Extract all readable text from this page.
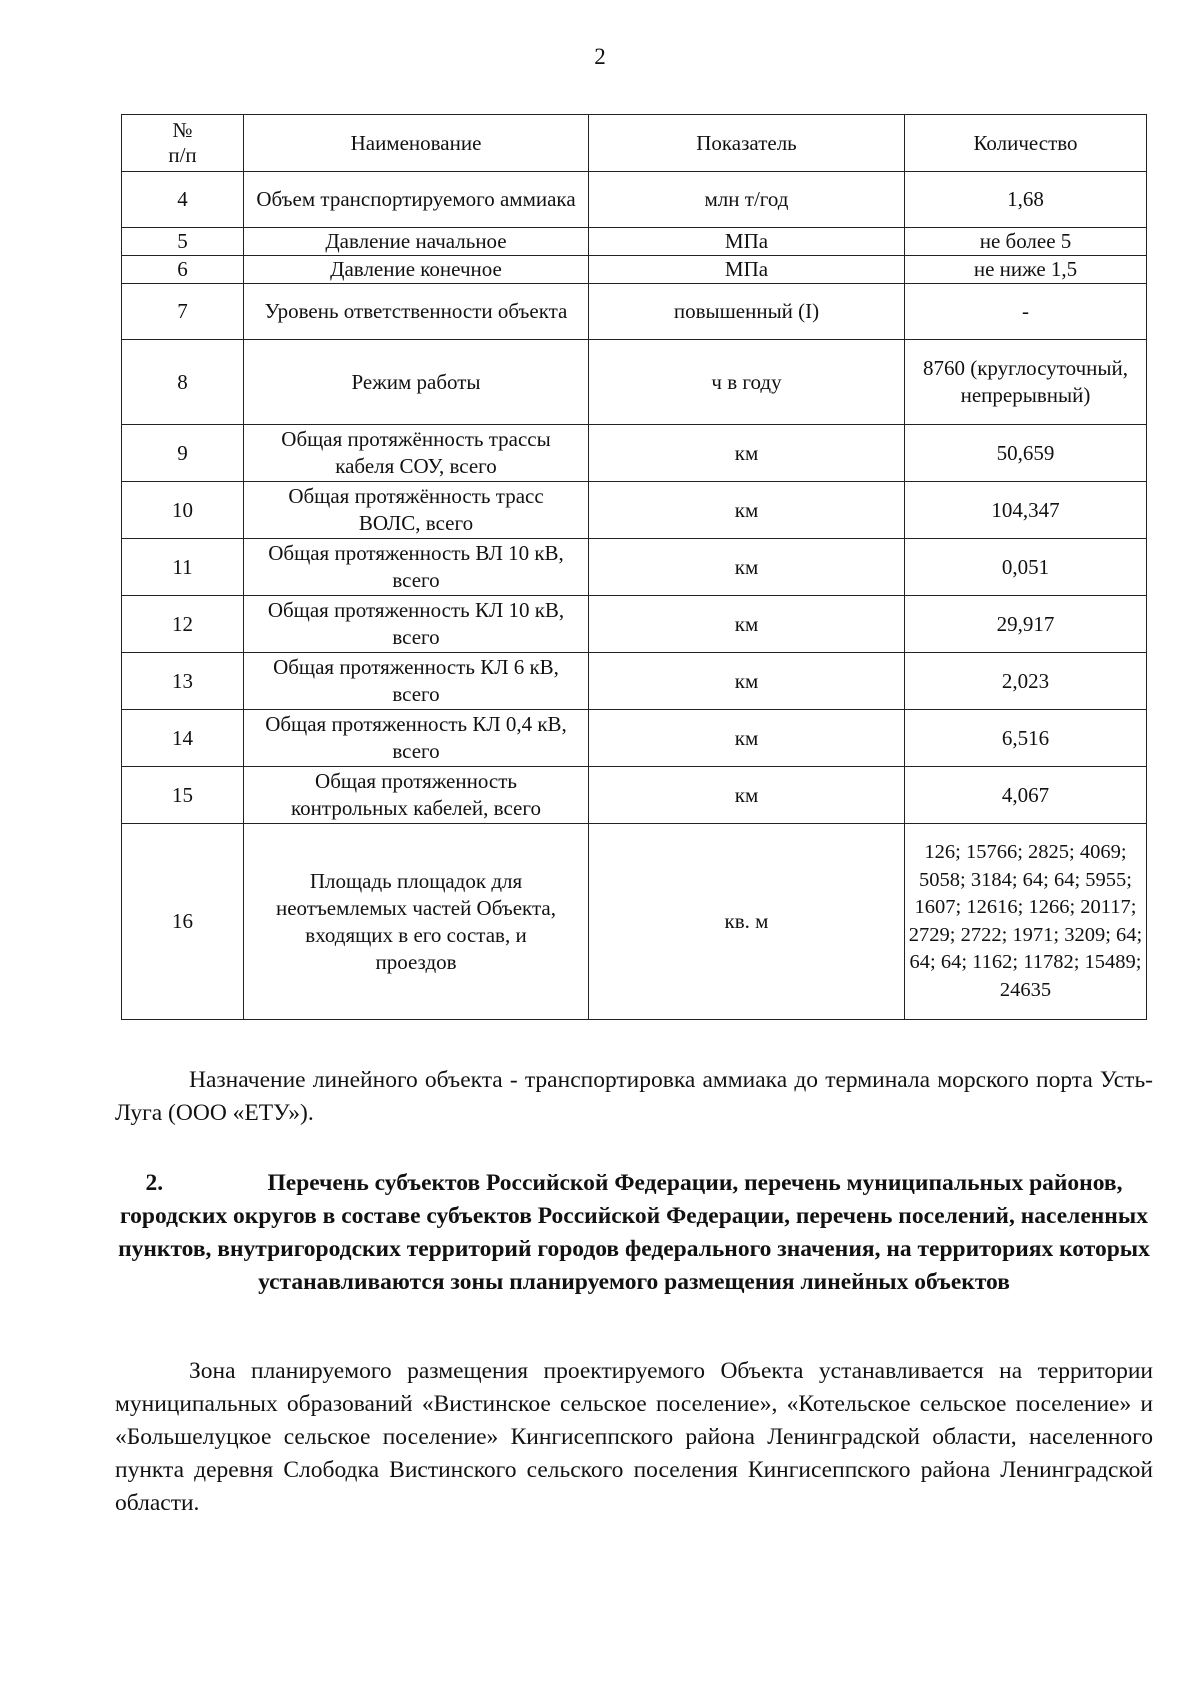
2
№
п/п	Наименование	Показатель	Количество
4	Объем транспортируемого аммиака	млн т/год	1,68
5	Давление начальное	МПа	не более 5
6	Давление конечное	МПа	не ниже 1,5
7	Уровень ответственности объекта	повышенный (I)	-
8	Режим работы	ч в году	8760 (круглосуточный, непрерывный)
9	Общая протяжённость трассы кабеля СОУ, всего	км	50,659
10	Общая протяжённость трасс ВОЛС, всего	км	104,347
11	Общая протяженность ВЛ 10 кВ, всего	км	0,051
12	Общая протяженность КЛ 10 кВ, всего	км	29,917
13	Общая протяженность КЛ 6 кВ, всего	км	2,023
14	Общая протяженность КЛ 0,4 кВ, всего	км	6,516
15	Общая протяженность контрольных кабелей, всего	км	4,067
16	Площадь площадок для неотъемлемых частей Объекта, входящих в его состав, и проездов	кв. м	126; 15766; 2825; 4069; 5058; 3184; 64; 64; 5955; 1607; 12616; 1266; 20117; 2729; 2722; 1971; 3209; 64; 64; 64; 1162; 11782; 15489; 24635

Назначение линейного объекта - транспортировка аммиака до терминала морского порта Усть-Луга (ООО «ЕТУ»).

2.	Перечень субъектов Российской Федерации, перечень муниципальных районов, городских округов в составе субъектов Российской Федерации, перечень поселений, населенных пунктов, внутригородских территорий городов федерального значения, на территориях которых устанавливаются зоны планируемого размещения линейных объектов

Зона планируемого размещения проектируемого Объекта устанавливается на территории муниципальных образований «Вистинское сельское поселение», «Котельское сельское поселение» и «Большелуцкое сельское поселение» Кингисеппского района Ленинградской области, населенного пункта деревня Слободка Вистинского сельского поселения Кингисеппского района Ленинградской области.
